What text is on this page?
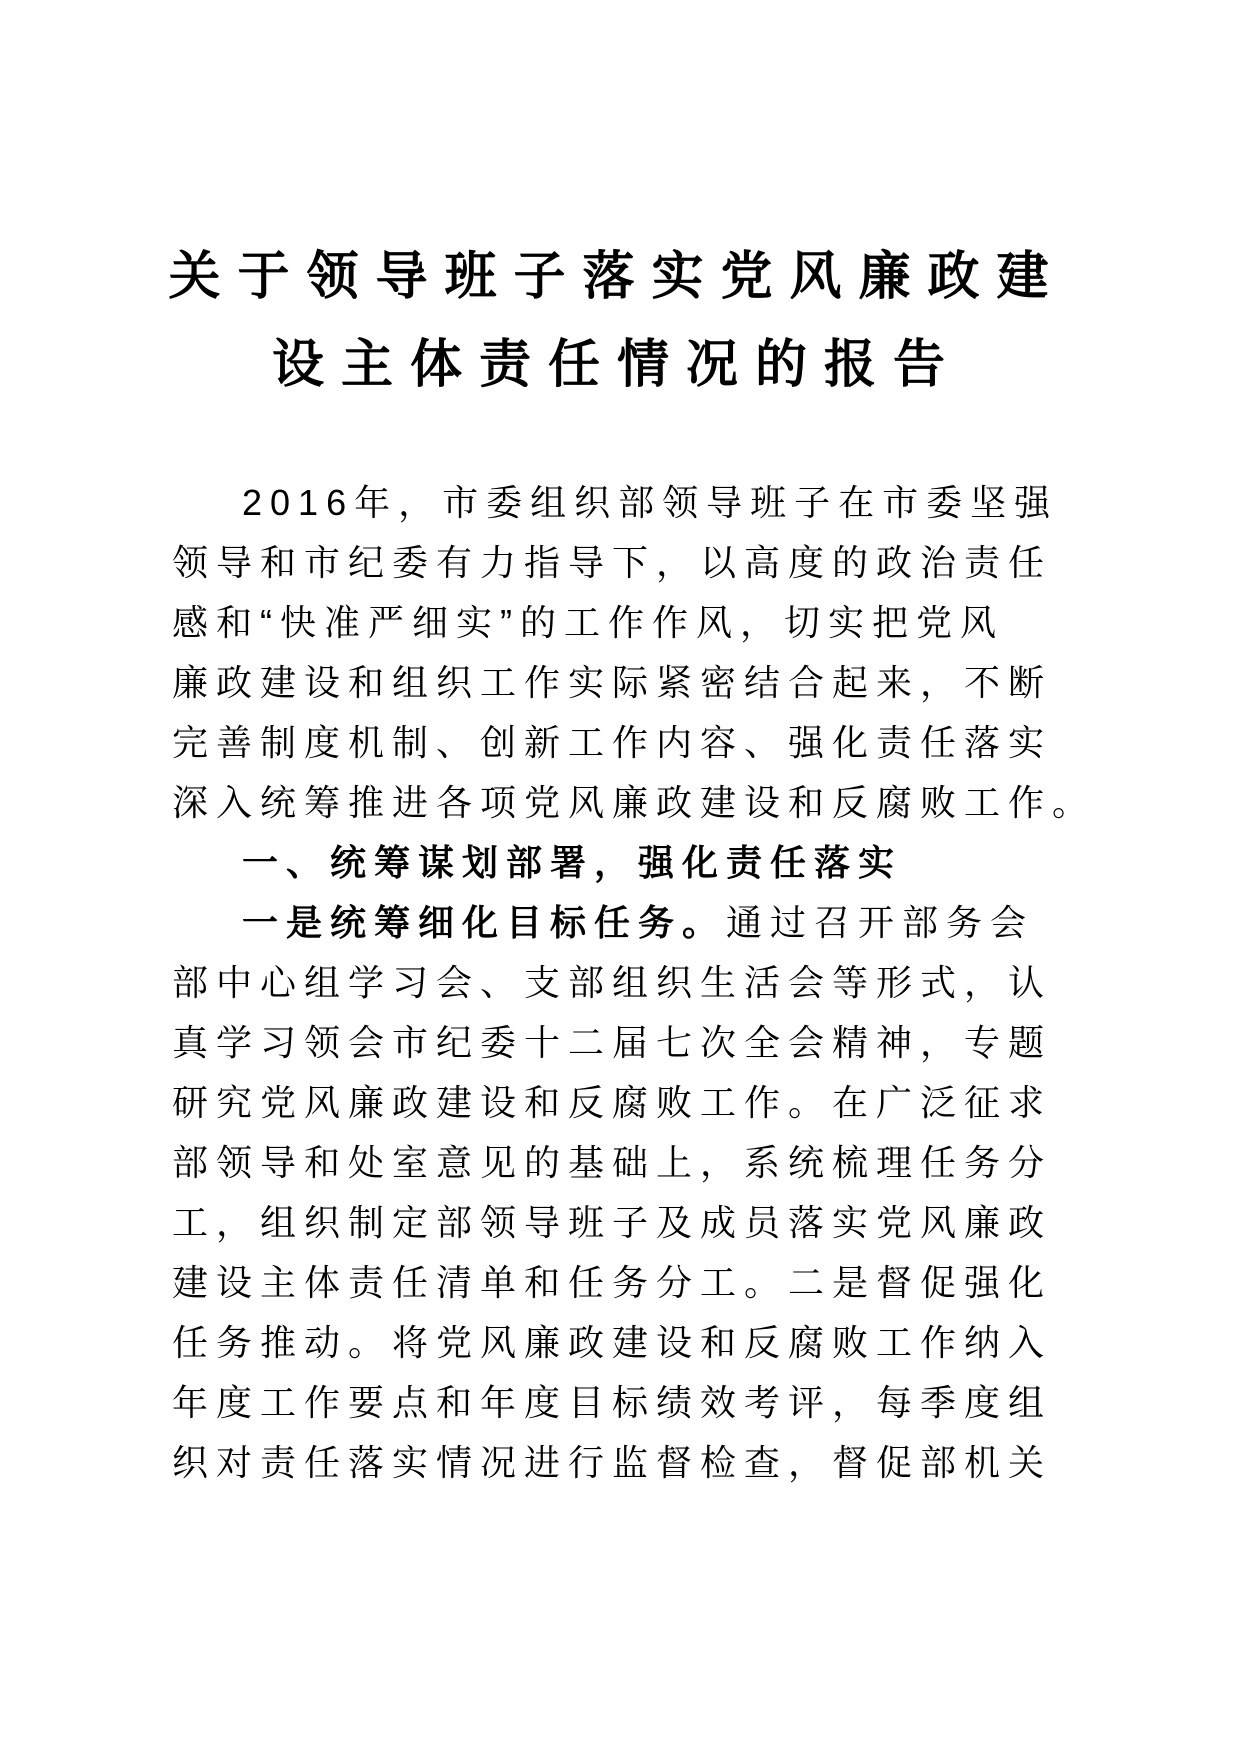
关于领导班子落实党风廉政建
设主体责任情况的报告
2016年，市委组织部领导班子在市委坚强
领导和市纪委有力指导下，以高度的政治责任
感和“快准严细实”的工作作风，切实把党风
廉政建设和组织工作实际紧密结合起来，不断
完善制度机制、创新工作内容、强化责任落实
深入统筹推进各项党风廉政建设和反腐败工作。
一、统筹谋划部署，强化责任落实
一是统筹细化目标任务。通过召开部务会
部中心组学习会、支部组织生活会等形式，认
真学习领会市纪委十二届七次全会精神，专题
研究党风廉政建设和反腐败工作。在广泛征求
部领导和处室意见的基础上，系统梳理任务分
工，组织制定部领导班子及成员落实党风廉政
建设主体责任清单和任务分工。二是督促强化
任务推动。将党风廉政建设和反腐败工作纳入
年度工作要点和年度目标绩效考评，每季度组
织对责任落实情况进行监督检查，督促部机关
